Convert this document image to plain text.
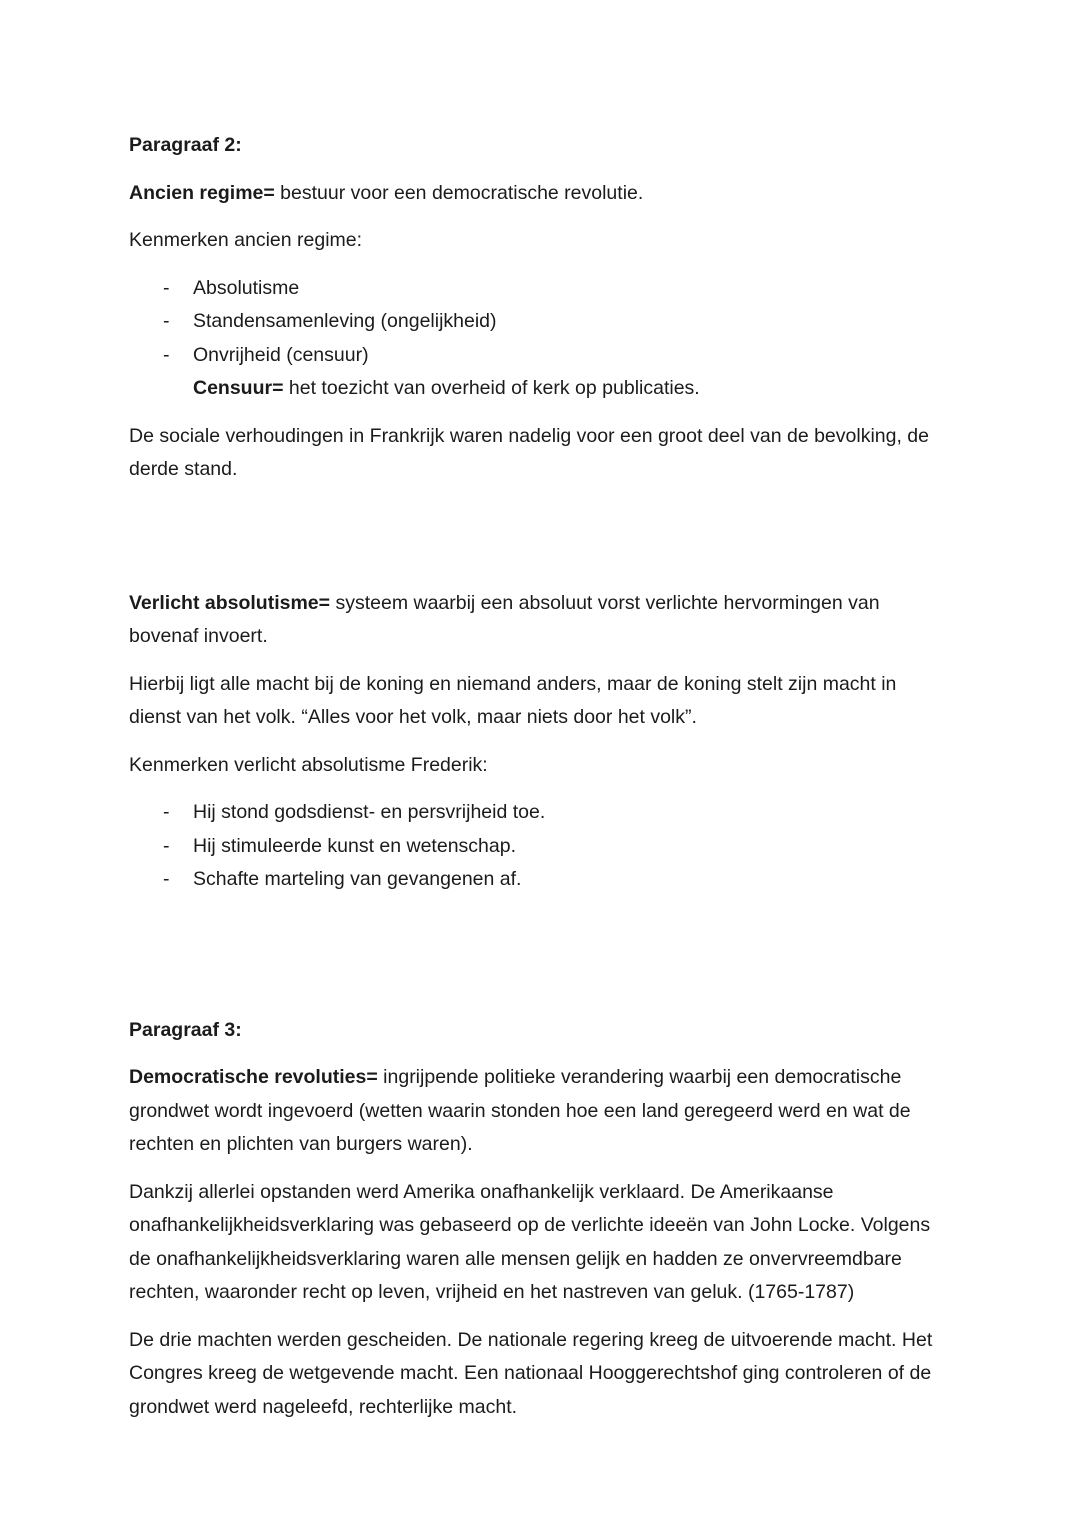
Paragraaf 2:

Ancien regime= bestuur voor een democratische revolutie.

Kenmerken ancien regime:

-	Absolutisme
-	Standensamenleving (ongelijkheid)
-	Onvrijheid (censuur)
Censuur= het toezicht van overheid of kerk op publicaties.

De sociale verhoudingen in Frankrijk waren nadelig voor een groot deel van de bevolking, de derde stand.

Verlicht absolutisme= systeem waarbij een absoluut vorst verlichte hervormingen van bovenaf invoert.

Hierbij ligt alle macht bij de koning en niemand anders, maar de koning stelt zijn macht in dienst van het volk. “Alles voor het volk, maar niets door het volk”.

Kenmerken verlicht absolutisme Frederik:

-	Hij stond godsdienst- en persvrijheid toe.
-	Hij stimuleerde kunst en wetenschap.
-	Schafte marteling van gevangenen af.

Paragraaf 3:

Democratische revoluties= ingrijpende politieke verandering waarbij een democratische grondwet wordt ingevoerd (wetten waarin stonden hoe een land geregeerd werd en wat de rechten en plichten van burgers waren).

Dankzij allerlei opstanden werd Amerika onafhankelijk verklaard. De Amerikaanse onafhankelijkheidsverklaring was gebaseerd op de verlichte ideeën van John Locke. Volgens de onafhankelijkheidsverklaring waren alle mensen gelijk en hadden ze onvervreemdbare rechten, waaronder recht op leven, vrijheid en het nastreven van geluk. (1765-1787)

De drie machten werden gescheiden. De nationale regering kreeg de uitvoerende macht. Het Congres kreeg de wetgevende macht. Een nationaal Hooggerechtshof ging controleren of de grondwet werd nageleefd, rechterlijke macht.
